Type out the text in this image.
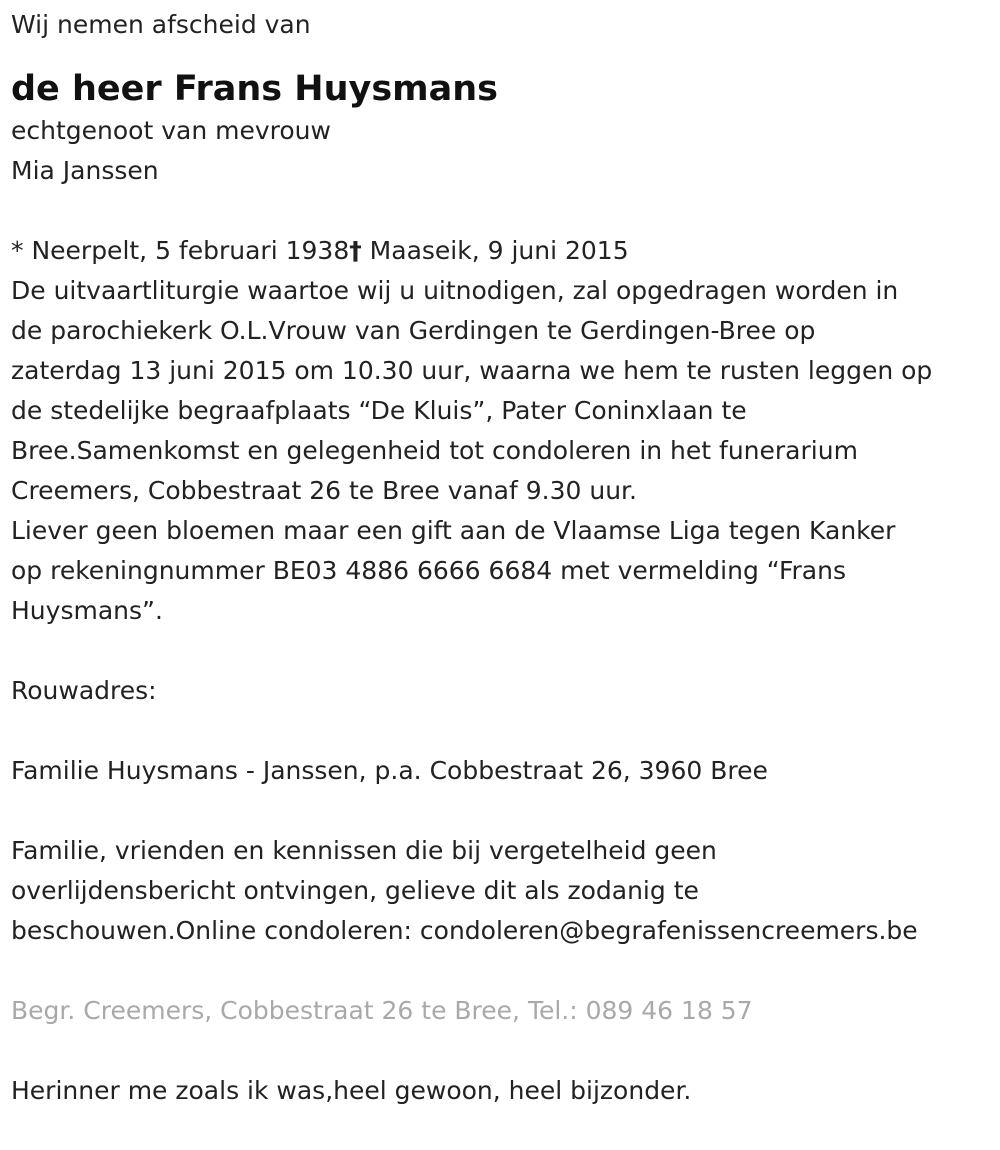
Wij nemen afscheid van

de heer Frans Huysmans

echtgenoot van mevrouw

Mia Janssen

* Neerpelt, 5 februari 1938† Maaseik, 9 juni 2015

De uitvaartliturgie waartoe wij u uitnodigen, zal opgedragen worden in

de parochiekerk O.L.Vrouw van Gerdingen te Gerdingen-Bree op

zaterdag 13 juni 2015 om 10.30 uur, waarna we hem te rusten leggen op

de stedelijke begraafplaats “De Kluis”, Pater Coninxlaan te

Bree.Samenkomst en gelegenheid tot condoleren in het funerarium

Creemers, Cobbestraat 26 te Bree vanaf 9.30 uur.

Liever geen bloemen maar een gift aan de Vlaamse Liga tegen Kanker

op rekeningnummer BE03 4886 6666 6684 met vermelding “Frans

Huysmans”.

Rouwadres:

Familie Huysmans - Janssen, p.a. Cobbestraat 26, 3960 Bree

Familie, vrienden en kennissen die bij vergetelheid geen

overlijdensbericht ontvingen, gelieve dit als zodanig te

beschouwen.Online condoleren: condoleren@begrafenissencreemers.be

Begr. Creemers, Cobbestraat 26 te Bree, Tel.: 089 46 18 57

Herinner me zoals ik was,heel gewoon, heel bijzonder.
